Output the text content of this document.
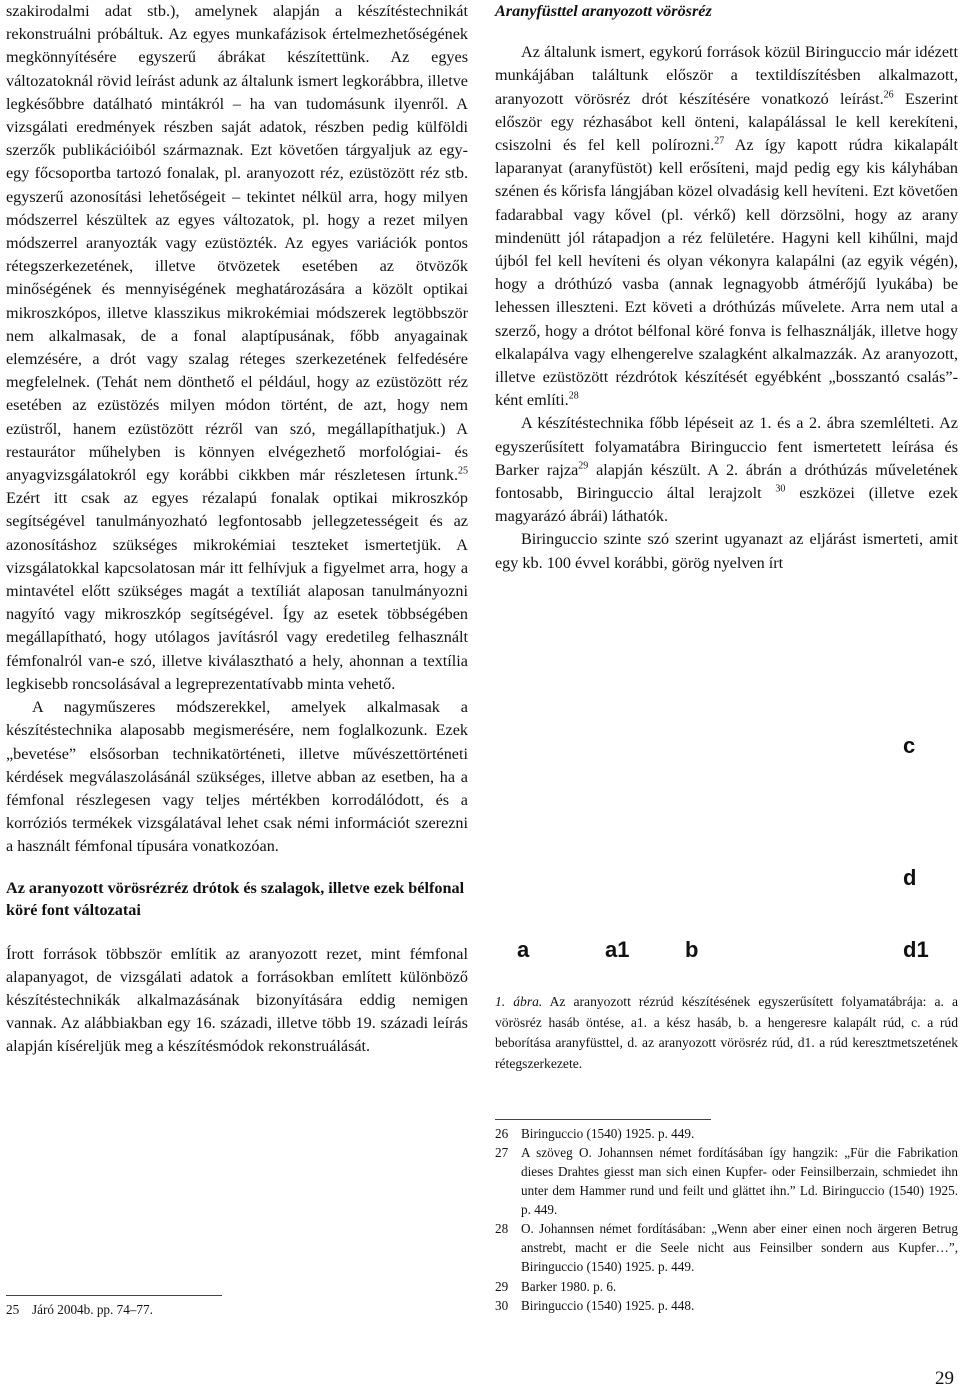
szakirodalmi adat stb.), amelynek alapján a készítéstechnikát rekonstruálni próbáltuk. Az egyes munkafázisok értelmezhetőségének megkönnyítésére egyszerű ábrákat készítettünk. Az egyes változatoknál rövid leírást adunk az általunk ismert legkorábbra, illetve legkésőbbre datálható mintákról – ha van tudomásunk ilyenről. A vizsgálati eredmények részben saját adatok, részben pedig külföldi szerzők publikációiból származnak. Ezt követően tárgyaljuk az egy-egy főcsoportba tartozó fonalak, pl. aranyozott réz, ezüstözött réz stb. egyszerű azonosítási lehetőségeit – tekintet nélkül arra, hogy milyen módszerrel készültek az egyes változatok, pl. hogy a rezet milyen módszerrel aranyozták vagy ezüstözték. Az egyes variációk pontos rétegszerkezetének, illetve ötvözetek esetében az ötvözők minőségének és mennyiségének meghatározására a közölt optikai mikroszkópos, illetve klasszikus mikrokémiai módszerek legtöbbször nem alkalmasak, de a fonal alaptípusának, főbb anyagainak elemzésére, a drót vagy szalag réteges szerkezetének felfedésére megfelelnek. (Tehát nem dönthető el például, hogy az ezüstözött réz esetében az ezüstözés milyen módon történt, de azt, hogy nem ezüstről, hanem ezüstözött rézről van szó, megállapíthatjuk.) A restaurátor műhelyben is könnyen elvégezhető morfológiai- és anyagvizsgálatokról egy korábbi cikkben már részletesen írtunk.$^{25}$ Ezért itt csak az egyes rézalapú fonalak optikai mikroszkóp segítségével tanulmányozható legfontosabb jellegzetességeit és az azonosításhoz szükséges mikrokémiai teszteket ismertetjük. A vizsgálatokkal kapcsolatosan már itt felhívjuk a figyelmet arra, hogy a mintavétel előtt szükséges magát a textíliát alaposan tanulmányozni nagyító vagy mikroszkóp segítségével. Így az esetek többségében megállapítható, hogy utólagos javításról vagy eredetileg felhasznált fémfonalról van-e szó, illetve kiválasztható a hely, ahonnan a textília legkisebb roncsolásával a legreprezentatívabb minta vehető.

A nagyműszeres módszerekkel, amelyek alkalmasak a készítéstechnika alaposabb megismerésére, nem foglalkozunk. Ezek „bevetése” elsősorban technikatörténeti, illetve művészettörténeti kérdések megválaszolásánál szükséges, illetve abban az esetben, ha a fémfonal részlegesen vagy teljes mértékben korrodálódott, és a korróziós termékek vizsgálatával lehet csak némi információt szerezni a használt fémfonal típusára vonatkozóan.

Az aranyozott vörösrézréz drótok és szalagok, illetve ezek bélfonal köré font változatai

Írott források többször említik az aranyozott rezet, mint fémfonal alapanyagot, de vizsgálati adatok a forrásokban említett különböző készítéstechnikák alkalmazásának bizonyítására eddig nemigen vannak. Az alábbiakban egy 16. századi, illetve több 19. századi leírás alapján kíséreljük meg a készítésmódok rekonstruálását.

Aranyfüsttel aranyozott vörösréz

Az általunk ismert, egykorú források közül Biringuccio már idézett munkájában találtunk először a textildíszítésben alkalmazott, aranyozott vörösréz drót készítésére vonatkozó leírást.$^{26}$ Eszerint először egy rézhasábot kell önteni, kalapálással le kell kerekíteni, csiszolni és fel kell polírozni.$^{27}$ Az így kapott rúdra kikalapált laparanyat (aranyfüstöt) kell erősíteni, majd pedig egy kis kályhában szénen és kőrisfa lángjában közel olvadásig kell hevíteni. Ezt követően fadarabbal vagy kővel (pl. vérkő) kell dörzsölni, hogy az arany mindenütt jól rátapadjon a réz felületére. Hagyni kell kihűlni, majd újból fel kell hevíteni és olyan vékonyra kalapálni (az egyik végén), hogy a dróthúzó vasba (annak legnagyobb átmérőjű lyukába) be lehessen illeszteni. Ezt követi a dróthúzás művelete. Arra nem utal a szerző, hogy a drótot bélfonal köré fonva is felhasználják, illetve hogy elkalapálva vagy elhengerelve szalagként alkalmazzák. Az aranyozott, illetve ezüstözött rézdrótok készítését egyébként „bosszantó csalás”-ként említi.$^{28}$

A készítéstechnika főbb lépéseit az 1. és a 2. ábra szemlélteti. Az egyszerűsített folyamatábra Biringuccio fent ismertetett leírása és Barker rajza$^{29}$ alapján készült. A 2. ábrán a dróthúzás műveletének fontosabb, Biringuccio által lerajzolt $^{30}$ eszközei (illetve ezek magyarázó ábrái) láthatók.

Biringuccio szinte szó szerint ugyanazt az eljárást ismerteti, amit egy kb. 100 évvel korábbi, görög nyelven írt

a	a1	b
c
d
d1
1. ábra. Az aranyozott rézrúd készítésének egyszerűsített folyamatábrája: a. a vörösréz hasáb öntése, a1. a kész hasáb, b. a hengeresre kalapált rúd, c. a rúd beborítása aranyfüsttel, d. az aranyozott vörösréz rúd, d1. a rúd keresztmetszetének rétegszerkezete.
25 Járó 2004b. pp. 74–77.
26 Biringuccio (1540) 1925. p. 449.
27 A szöveg O. Johannsen német fordításában így hangzik: „Für die Fabrikation dieses Drahtes giesst man sich einen Kupfer- oder Feinsilberzain, schmiedet ihn unter dem Hammer rund und feilt und glättet ihn.” Ld. Biringuccio (1540) 1925. p. 449.
28 O. Johannsen német fordításában: „Wenn aber einer einen noch ärgeren Betrug anstrebt, macht er die Seele nicht aus Feinsilber sondern aus Kupfer…”, Biringuccio (1540) 1925. p. 449.
29 Barker 1980. p. 6.
30 Biringuccio (1540) 1925. p. 448.
29
